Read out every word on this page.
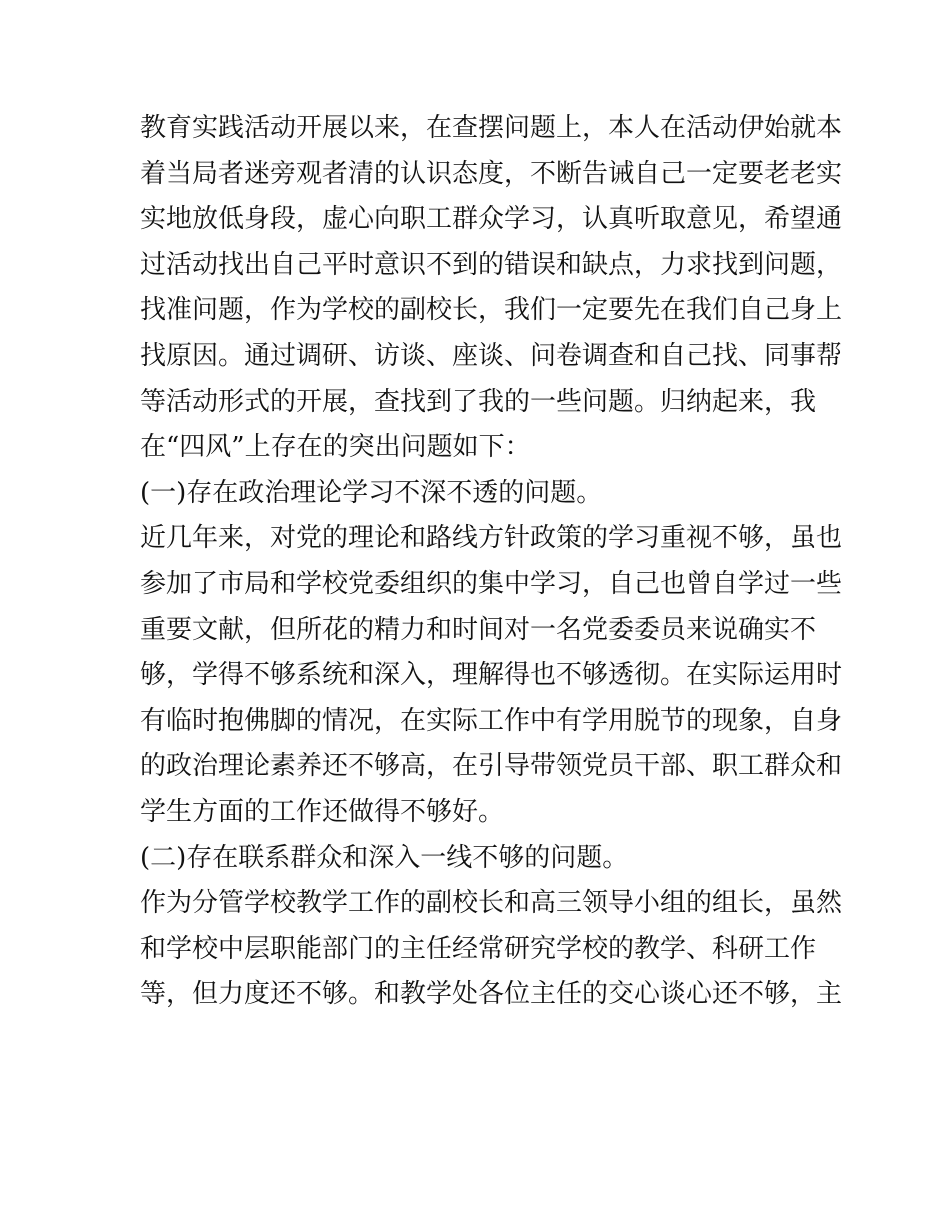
教育实践活动开展以来，在查摆问题上，本人在活动伊始就本
着当局者迷旁观者清的认识态度，不断告诫自己一定要老老实
实地放低身段，虚心向职工群众学习，认真听取意见，希望通
过活动找出自己平时意识不到的错误和缺点，力求找到问题，
找准问题，作为学校的副校长，我们一定要先在我们自己身上
找原因。通过调研、访谈、座谈、问卷调查和自己找、同事帮
等活动形式的开展，查找到了我的一些问题。归纳起来，我
在“四风”上存在的突出问题如下：
(一)存在政治理论学习不深不透的问题。
近几年来，对党的理论和路线方针政策的学习重视不够，虽也
参加了市局和学校党委组织的集中学习，自己也曾自学过一些
重要文献，但所花的精力和时间对一名党委委员来说确实不
够，学得不够系统和深入，理解得也不够透彻。在实际运用时
有临时抱佛脚的情况，在实际工作中有学用脱节的现象，自身
的政治理论素养还不够高，在引导带领党员干部、职工群众和
学生方面的工作还做得不够好。
(二)存在联系群众和深入一线不够的问题。
作为分管学校教学工作的副校长和高三领导小组的组长，虽然
和学校中层职能部门的主任经常研究学校的教学、科研工作
等，但力度还不够。和教学处各位主任的交心谈心还不够，主
